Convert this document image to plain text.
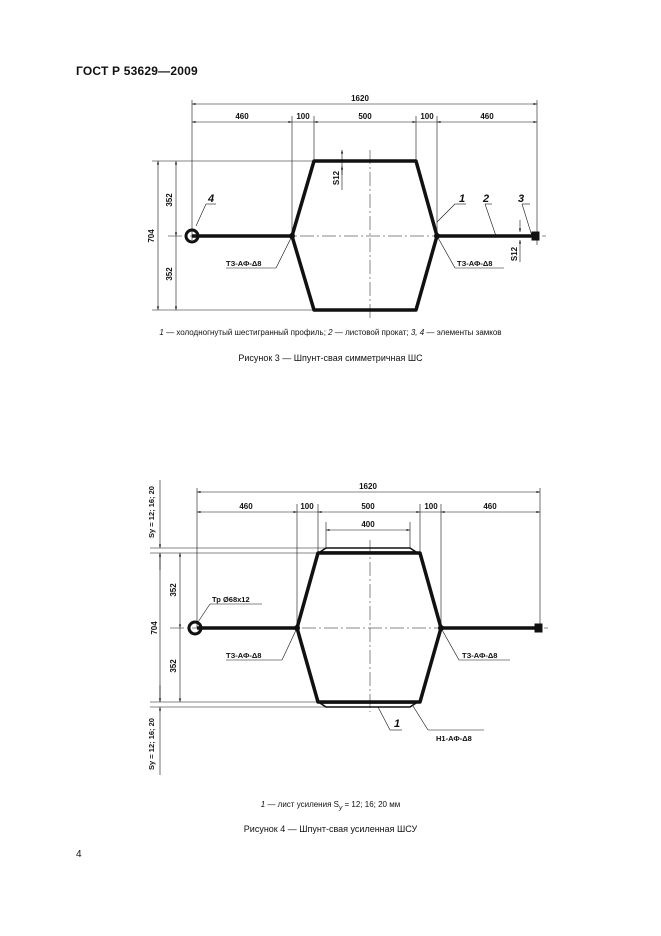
ГОСТ Р 53629—2009
1620
460	100	500	100	460
704
352
352
S12
S12
ТЗ-АФ-Δ8	ТЗ-АФ-Δ8
1 2	3
4
1620
460	100	500	100	460
400
704
352
352
Sy = 12; 16; 20
Sy = 12; 16; 20
Тр Ø68х12
ТЗ-АФ-Δ8	ТЗ-АФ-Δ8
Н1-АФ-Δ8
1
1 — холодногнутый шестигранный профиль; 2 — листовой прокат; 3, 4 — элементы замков
Рисунок 3 — Шпунт-свая симметричная ШС
1 — лист усиления $S_у = 12$; 16; 20 мм
Рисунок 4 — Шпунт-свая усиленная ШСУ
4
